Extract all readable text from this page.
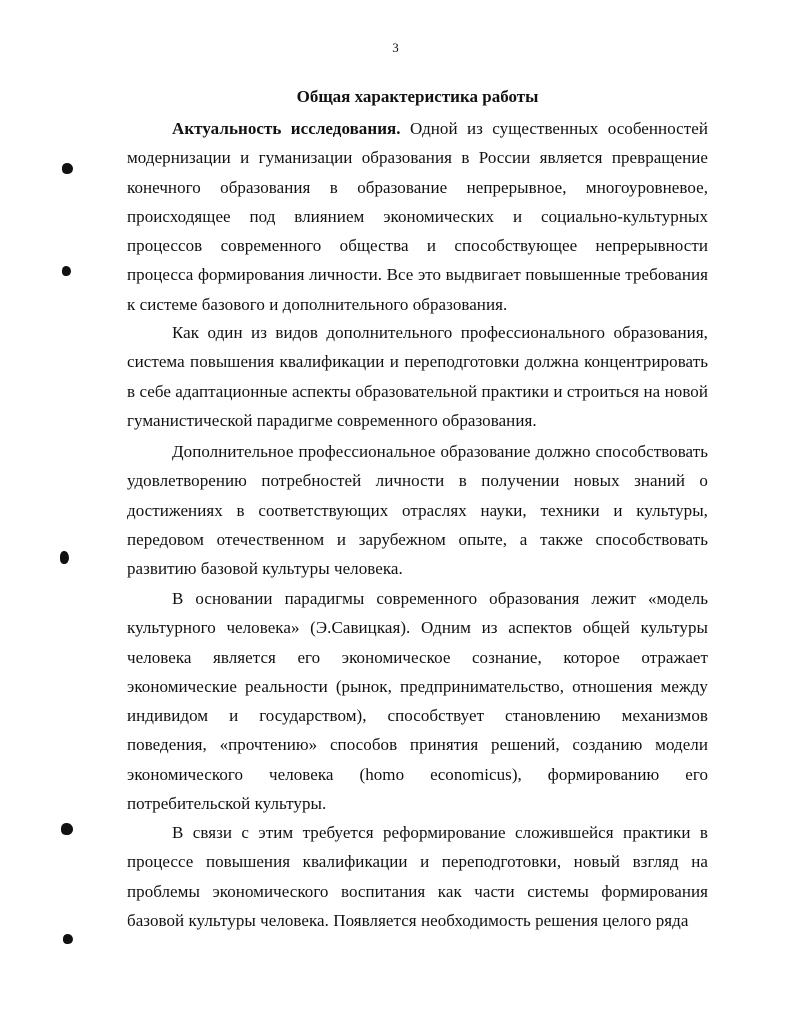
3
Общая характеристика работы

Актуальность исследования. Одной из существенных особенностей модернизации и гуманизации образования в России является превращение конечного образования в образование непрерывное, многоуровневое, происходящее под влиянием экономических и социально-культурных процессов современного общества и способствующее непрерывности процесса формирования личности. Все это выдвигает повышенные требования к системе базового и дополнительного образования.

Как один из видов дополнительного профессионального образования, система повышения квалификации и переподготовки должна концентрировать в себе адаптационные аспекты образовательной практики и строиться на новой гуманистической парадигме современного образования.

Дополнительное профессиональное образование должно способствовать удовлетворению потребностей личности в получении новых знаний о достижениях в соответствующих отраслях науки, техники и культуры, передовом отечественном и зарубежном опыте, а также способствовать развитию базовой культуры человека.

В основании парадигмы современного образования лежит «модель культурного человека» (Э.Савицкая). Одним из аспектов общей культуры человека является его экономическое сознание, которое отражает экономические реальности (рынок, предпринимательство, отношения между индивидом и государством), способствует становлению механизмов поведения, «прочтению» способов принятия решений, созданию модели экономического человека (homo economicus), формированию его потребительской культуры.

В связи с этим требуется реформирование сложившейся практики в процессе повышения квалификации и переподготовки, новый взгляд на проблемы экономического воспитания как части системы формирования базовой культуры человека. Появляется необходимость решения целого ряда
